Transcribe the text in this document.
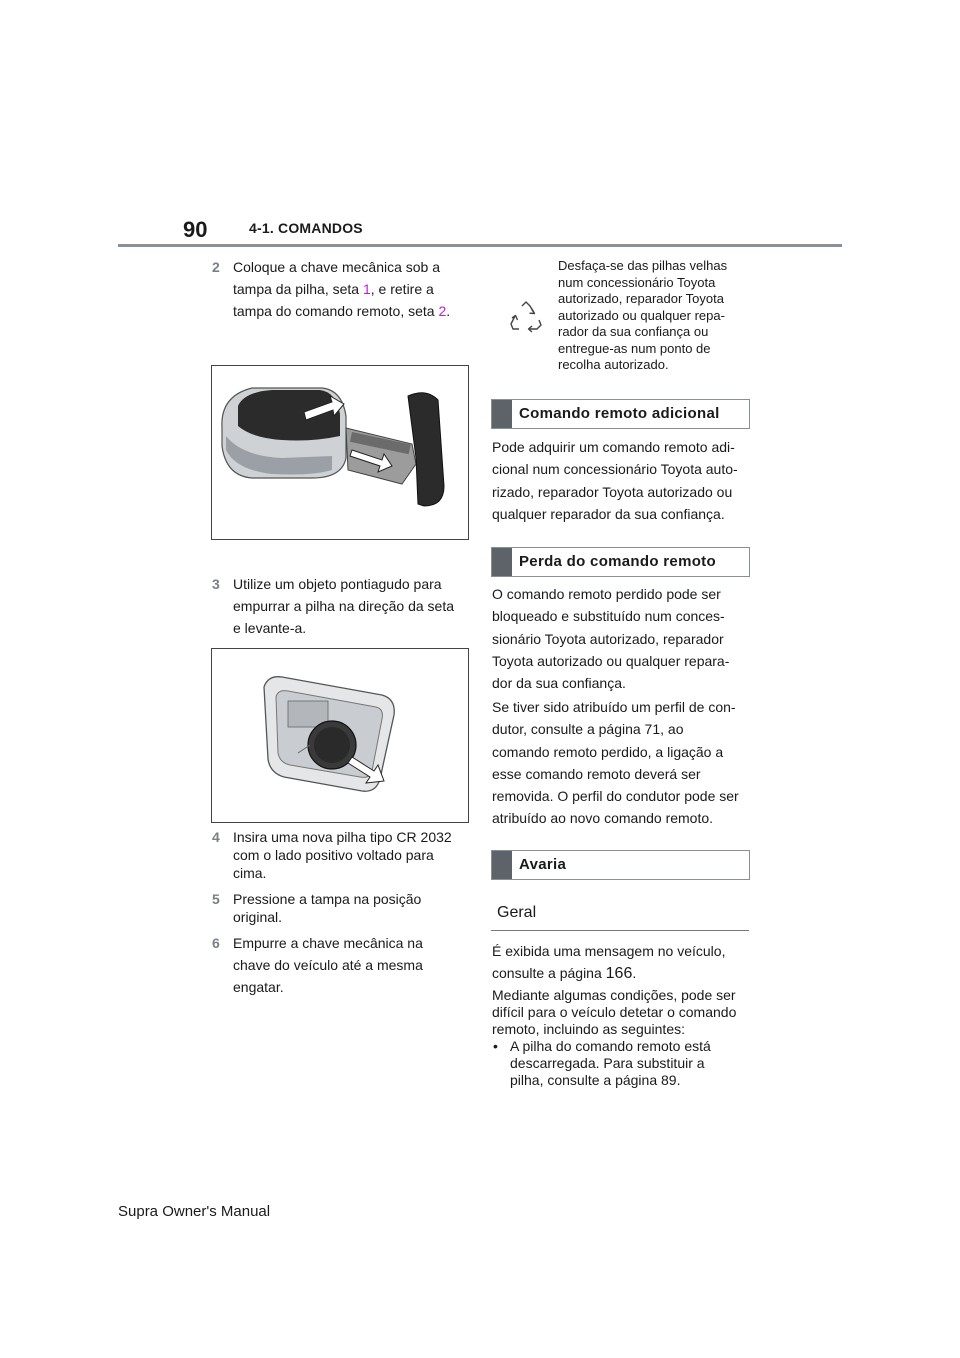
90	4-1. COMANDOS
2 Coloque a chave mecânica sob a
tampa da pilha, seta 1, e retire a
tampa do comando remoto, seta 2.
3 Utilize um objeto pontiagudo para
empurrar a pilha na direção da seta
e levante-a.
4 Insira uma nova pilha tipo CR 2032
com o lado positivo voltado para
cima.
5 Pressione a tampa na posição
original.
6 Empurre a chave mecânica na
chave do veículo até a mesma
engatar.
Desfaça-se das pilhas velhas
num concessionário Toyota
autorizado, reparador Toyota
autorizado ou qualquer repa-
rador da sua confiança ou
entregue-as num ponto de
recolha autorizado.
Comando remoto adicional
Pode adquirir um comando remoto adi-
cional num concessionário Toyota auto-
rizado, reparador Toyota autorizado ou
qualquer reparador da sua confiança.
Perda do comando remoto
O comando remoto perdido pode ser
bloqueado e substituído num conces-
sionário Toyota autorizado, reparador
Toyota autorizado ou qualquer repara-
dor da sua confiança.
Se tiver sido atribuído um perfil de con-
dutor, consulte a página 71, ao
comando remoto perdido, a ligação a
esse comando remoto deverá ser
removida. O perfil do condutor pode ser
atribuído ao novo comando remoto.
Avaria
Geral
É exibida uma mensagem no veículo,
consulte a página 166.
Mediante algumas condições, pode ser
difícil para o veículo detetar o comando
remoto, incluindo as seguintes:
• A pilha do comando remoto está
descarregada. Para substituir a
pilha, consulte a página 89.
Supra Owner's Manual
